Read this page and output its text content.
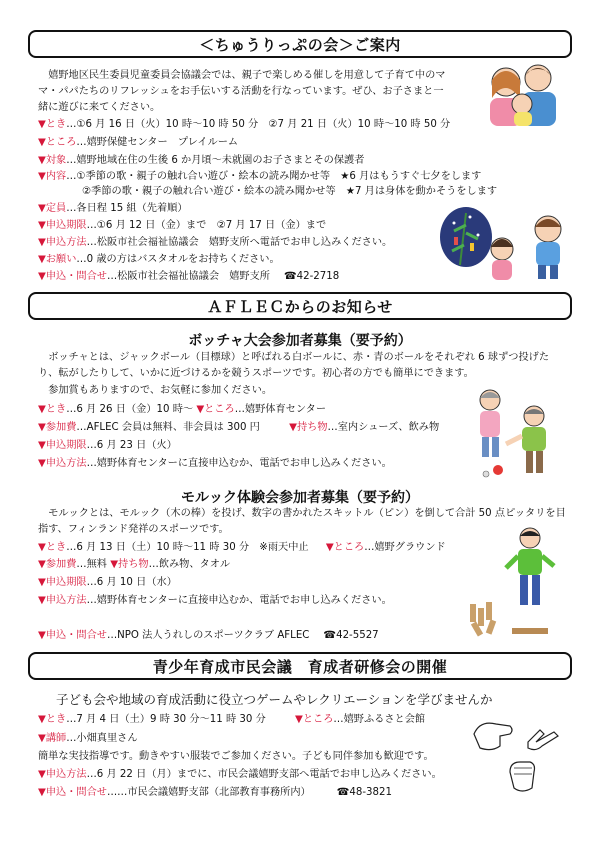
＜ちゅうりっぷの会＞ご案内
嬉野地区民生委員児童委員会協議会では、親子で楽しめる催しを用意して子育て中のママ・パパたちのリフレッシュをお手伝いする活動を行なっています。ぜひ、お子さまと一緒に遊びに来てください。
▼とき…①6 月 16 日（火）10 時～10 時 50 分　②7 月 21 日（火）10 時～10 時 50 分
▼ところ…嬉野保健センター　プレイルーム
▼対象…嬉野地域在住の生後 6 か月頃～未就園のお子さまとその保護者
▼内容…①季節の歌・親子の触れ合い遊び・絵本の読み聞かせ等　★6 月はもうすぐ七夕をします
②季節の歌・親子の触れ合い遊び・絵本の読み聞かせ等　★7 月は身体を動かそうをします
▼定員…各日程 15 組（先着順）
▼申込期限…①6 月 12 日（金）まで　②7 月 17 日（金）まで
▼申込方法…松阪市社会福祉協議会　嬉野支所へ電話でお申し込みください。
▼お願い…0 歳の方はバスタオルをお持ちください。
▼申込・問合せ…松阪市社会福祉協議会　嬉野支所 ☎42-2718
ＡＦＬＥＣからのお知らせ
ボッチャ大会参加者募集（要予約）
ボッチャとは、ジャックボール（目標球）と呼ばれる白ボールに、赤・青のボールをそれぞれ 6 球ずつ投げたり、転がしたりして、いかに近づけるかを競うスポーツです。初心者の方でも簡単にできます。
参加賞もありますので、お気軽に参加ください。
▼とき…6 月 26 日（金）10 時～ ▼ところ…嬉野体育センター
▼参加費…AFLEC 会員は無料、非会員は 300 円	▼持ち物…室内シューズ、飲み物
▼申込期限…6 月 23 日（火）
▼申込方法…嬉野体育センターに直接申込むか、電話でお申し込みください。
モルック体験会参加者募集（要予約）
モルックとは、モルック（木の棒）を投げ、数字の書かれたスキットル（ピン）を倒して合計 50 点ピッタリを目指す、フィンランド発祥のスポーツです。
▼とき…6 月 13 日（土）10 時～11 時 30 分　※雨天中止 ▼ところ…嬉野グラウンド
▼参加費…無料 ▼持ち物…飲み物、タオル
▼申込期限…6 月 10 日（水）
▼申込方法…嬉野体育センターに直接申込むか、電話でお申し込みください。
▼申込・問合せ…NPO 法人うれしのスポーツクラブ AFLEC ☎42-5527
青少年育成市民会議　育成者研修会の開催
子ども会や地域の育成活動に役立つゲームやレクリエーションを学びませんか
▼とき…7 月 4 日（土）9 時 30 分～11 時 30 分	▼ところ…嬉野ふるさと会館
▼講師…小畑真里さん
簡単な実技指導です。動きやすい服装でご参加ください。子ども同伴参加も歓迎です。
▼申込方法…6 月 22 日（月）までに、市民会議嬉野支部へ電話でお申し込みください。
▼申込・問合せ……市民会議嬉野支部（北部教育事務所内）	☎48-3821
